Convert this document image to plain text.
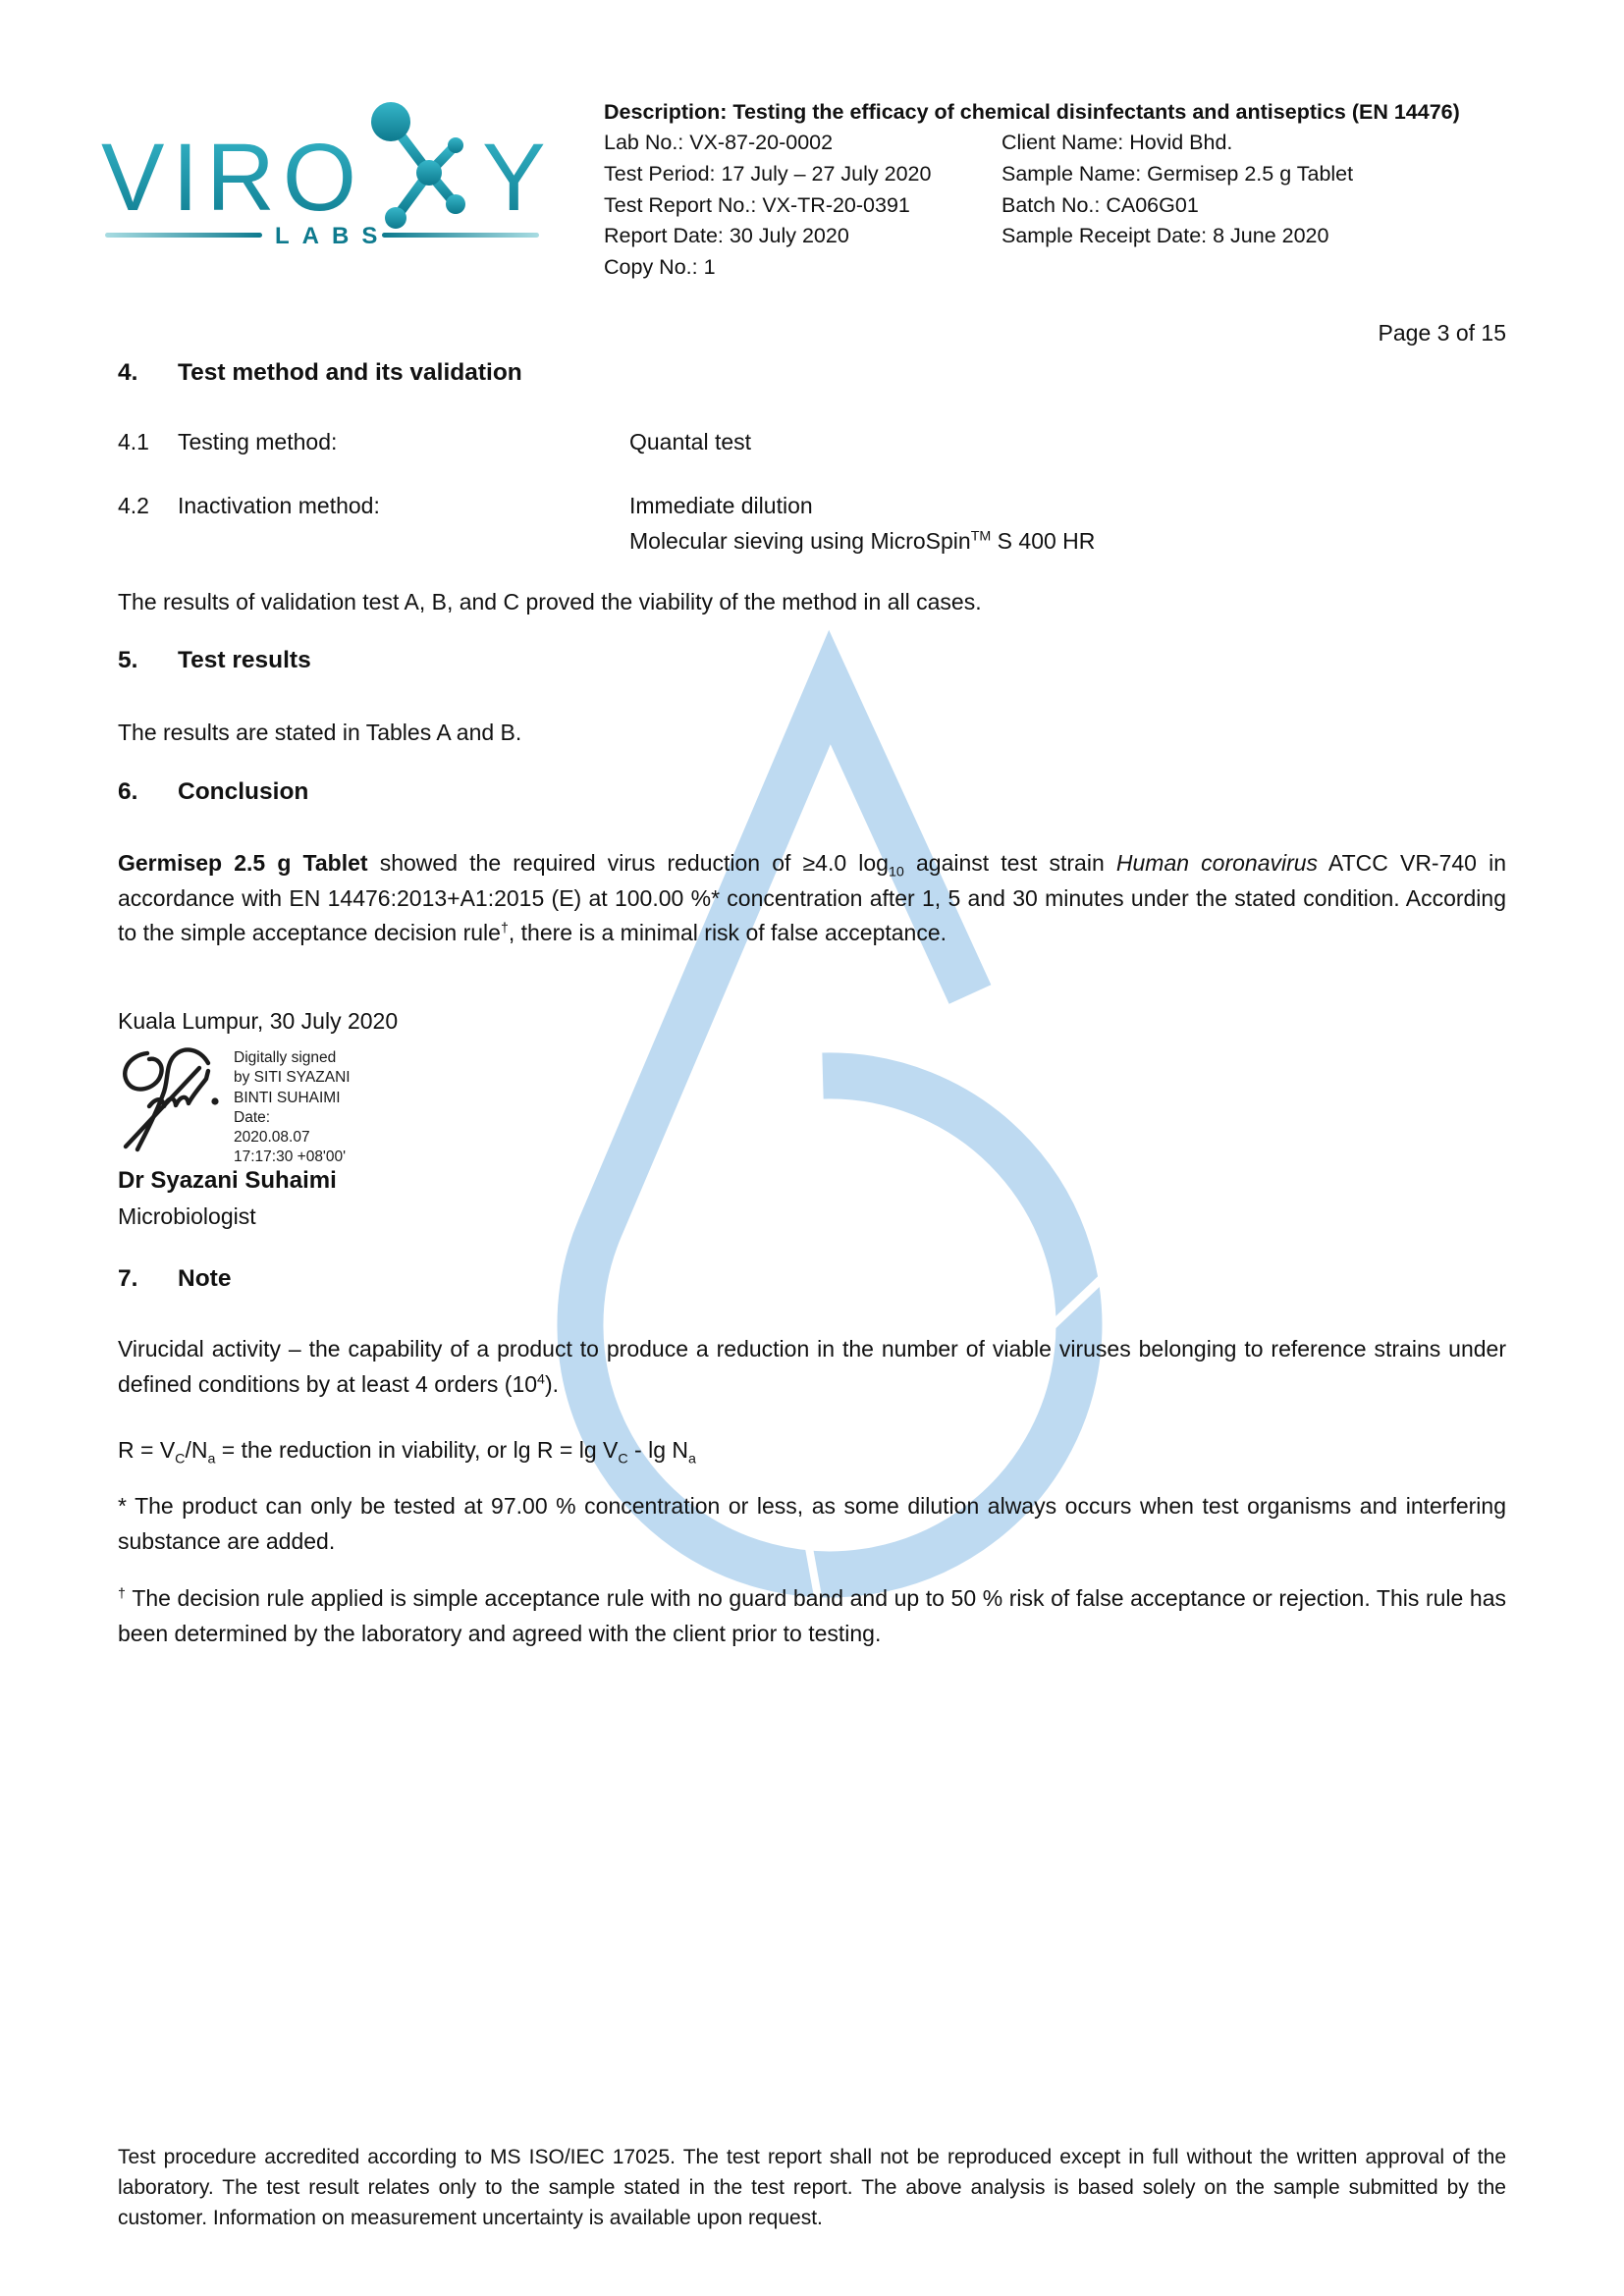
VIRO Y
LABS
Description: Testing the efficacy of chemical disinfectants and antiseptics (EN 14476)
Lab No.: VX-87-20-0002
Test Period: 17 July – 27 July 2020
Test Report No.: VX-TR-20-0391
Report Date: 30 July 2020
Copy No.: 1
Client Name: Hovid Bhd.
Sample Name: Germisep 2.5 g Tablet
Batch No.: CA06G01
Sample Receipt Date: 8 June 2020
Page 3 of 15
4. Test method and its validation
4.1	Testing method:	Quantal test
4.2	Inactivation method:	Immediate dilution
Molecular sieving using MicroSpin™ S 400 HR
The results of validation test A, B, and C proved the viability of the method in all cases.
5. Test results
The results are stated in Tables A and B.
6. Conclusion
Germisep 2.5 g Tablet showed the required virus reduction of ≥4.0 $\log_{10}$ against test strain Human coronavirus ATCC VR-740 in accordance with EN 14476:2013+A1:2015 (E) at 100.00 %* concentration after 1, 5 and 30 minutes under the stated condition. According to the simple acceptance decision rule†, there is a minimal risk of false acceptance.
Kuala Lumpur, 30 July 2020
Digitally signed
by SITI SYAZANI
BINTI SUHAIMI
Date:
2020.08.07
17:17:30 +08'00'
Dr Syazani Suhaimi
Microbiologist
7. Note
Virucidal activity – the capability of a product to produce a reduction in the number of viable viruses belonging to reference strains under defined conditions by at least 4 orders $(10^4)$.
$R = V_C/N_a$ = the reduction in viability, or $\lg R = \lg V_C - \lg N_a$
* The product can only be tested at 97.00 % concentration or less, as some dilution always occurs when test organisms and interfering substance are added.
† The decision rule applied is simple acceptance rule with no guard band and up to 50 % risk of false acceptance or rejection. This rule has been determined by the laboratory and agreed with the client prior to testing.
Test procedure accredited according to MS ISO/IEC 17025. The test report shall not be reproduced except in full without the written approval of the laboratory. The test result relates only to the sample stated in the test report. The above analysis is based solely on the sample submitted by the customer. Information on measurement uncertainty is available upon request.
